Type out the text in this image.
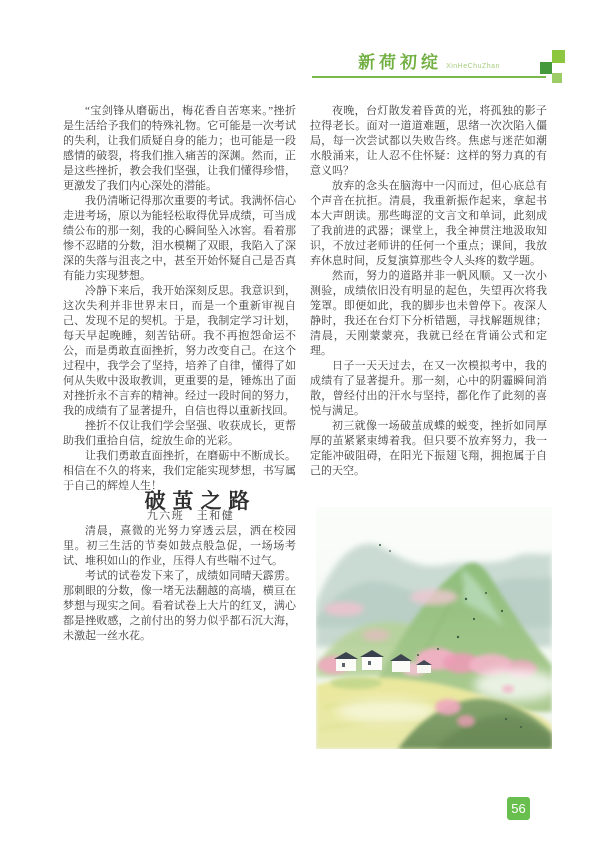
新荷初绽 XinHeChuZhan

“宝剑锋从磨砺出，梅花香自苦寒来。”挫折是生活给予我们的特殊礼物。它可能是一次考试的失利，让我们质疑自身的能力；也可能是一段感情的破裂，将我们推入痛苦的深渊。然而，正是这些挫折，教会我们坚强，让我们懂得珍惜，更激发了我们内心深处的潜能。

我仍清晰记得那次重要的考试。我满怀信心走进考场，原以为能轻松取得优异成绩，可当成绩公布的那一刻，我的心瞬间坠入冰窖。看着那惨不忍睹的分数，泪水模糊了双眼，我陷入了深深的失落与沮丧之中，甚至开始怀疑自己是否真有能力实现梦想。

冷静下来后，我开始深刻反思。我意识到，这次失利并非世界末日，而是一个重新审视自己、发现不足的契机。于是，我制定学习计划，每天早起晚睡，刻苦钻研。我不再抱怨命运不公，而是勇敢直面挫折，努力改变自己。在这个过程中，我学会了坚持，培养了自律，懂得了如何从失败中汲取教训，更重要的是，锤炼出了面对挫折永不言弃的精神。经过一段时间的努力，我的成绩有了显著提升，自信也得以重新找回。

挫折不仅让我们学会坚强、收获成长，更帮助我们重拾自信，绽放生命的光彩。

让我们勇敢直面挫折，在磨砺中不断成长。相信在不久的将来，我们定能实现梦想，书写属于自己的辉煌人生！

破茧之路

九六班　王和健

清晨，熹微的光努力穿透云层，洒在校园里。初三生活的节奏如鼓点般急促，一场场考试、堆积如山的作业，压得人有些喘不过气。

考试的试卷发下来了，成绩如同晴天霹雳。那刺眼的分数，像一堵无法翻越的高墙，横亘在梦想与现实之间。看着试卷上大片的红叉，满心都是挫败感，之前付出的努力似乎都石沉大海，未激起一丝水花。

夜晚，台灯散发着昏黄的光，将孤独的影子拉得老长。面对一道道难题，思绪一次次陷入僵局，每一次尝试都以失败告终。焦虑与迷茫如潮水般涌来，让人忍不住怀疑：这样的努力真的有意义吗？

放弃的念头在脑海中一闪而过，但心底总有个声音在抗拒。清晨，我重新振作起来，拿起书本大声朗读。那些晦涩的文言文和单词，此刻成了我前进的武器；课堂上，我全神贯注地汲取知识，不放过老师讲的任何一个重点；课间，我放弃休息时间，反复演算那些令人头疼的数学题。

然而，努力的道路并非一帆风顺。又一次小测验，成绩依旧没有明显的起色，失望再次将我笼罩。即便如此，我的脚步也未曾停下。夜深人静时，我还在台灯下分析错题，寻找解题规律；清晨，天刚蒙蒙亮，我就已经在背诵公式和定理。

日子一天天过去，在又一次模拟考中，我的成绩有了显著提升。那一刻，心中的阴霾瞬间消散，曾经付出的汗水与坚持，都化作了此刻的喜悦与满足。

初三就像一场破茧成蝶的蜕变，挫折如同厚厚的茧紧紧束缚着我。但只要不放弃努力，我一定能冲破阻碍，在阳光下振翅飞翔，拥抱属于自己的天空。

56
